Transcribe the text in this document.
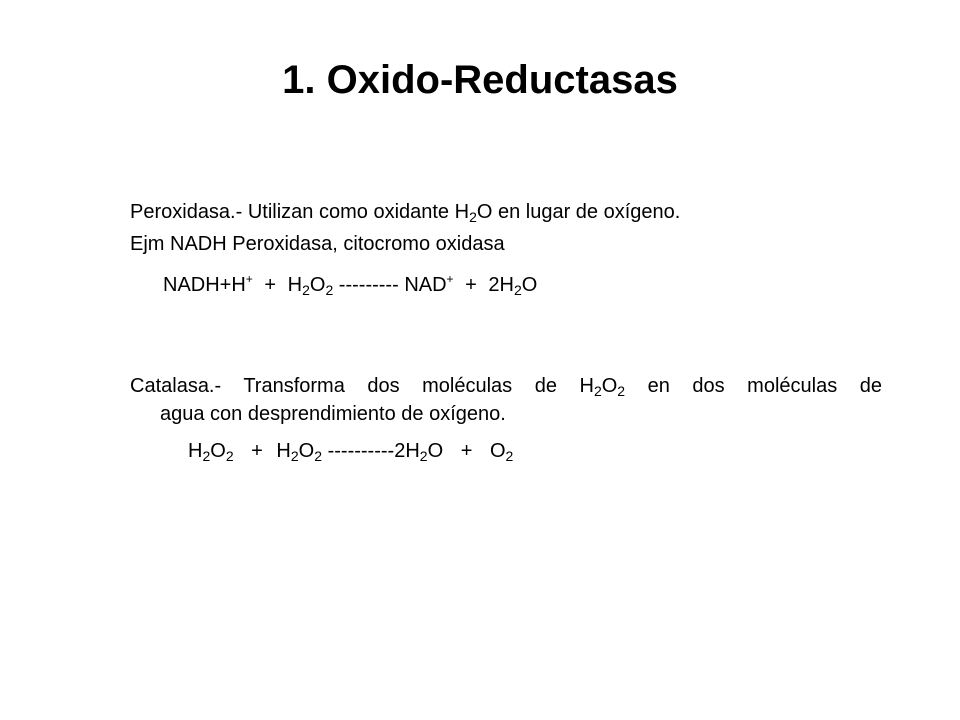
1. Oxido-Reductasas
Peroxidasa.- Utilizan como oxidante $H_2O$ en lugar de oxígeno.
Ejm NADH Peroxidasa, citocromo oxidasa
NADH+H+ + $H_2O_2$ --------- $NAD^+ + 2H_2O$
Catalasa.- Transforma dos moléculas de $H_2O_2$ en dos moléculas de
agua con desprendimiento de oxígeno.
$H_2O_2 + H_2O_2$ $----------2H_2O + O_2$
